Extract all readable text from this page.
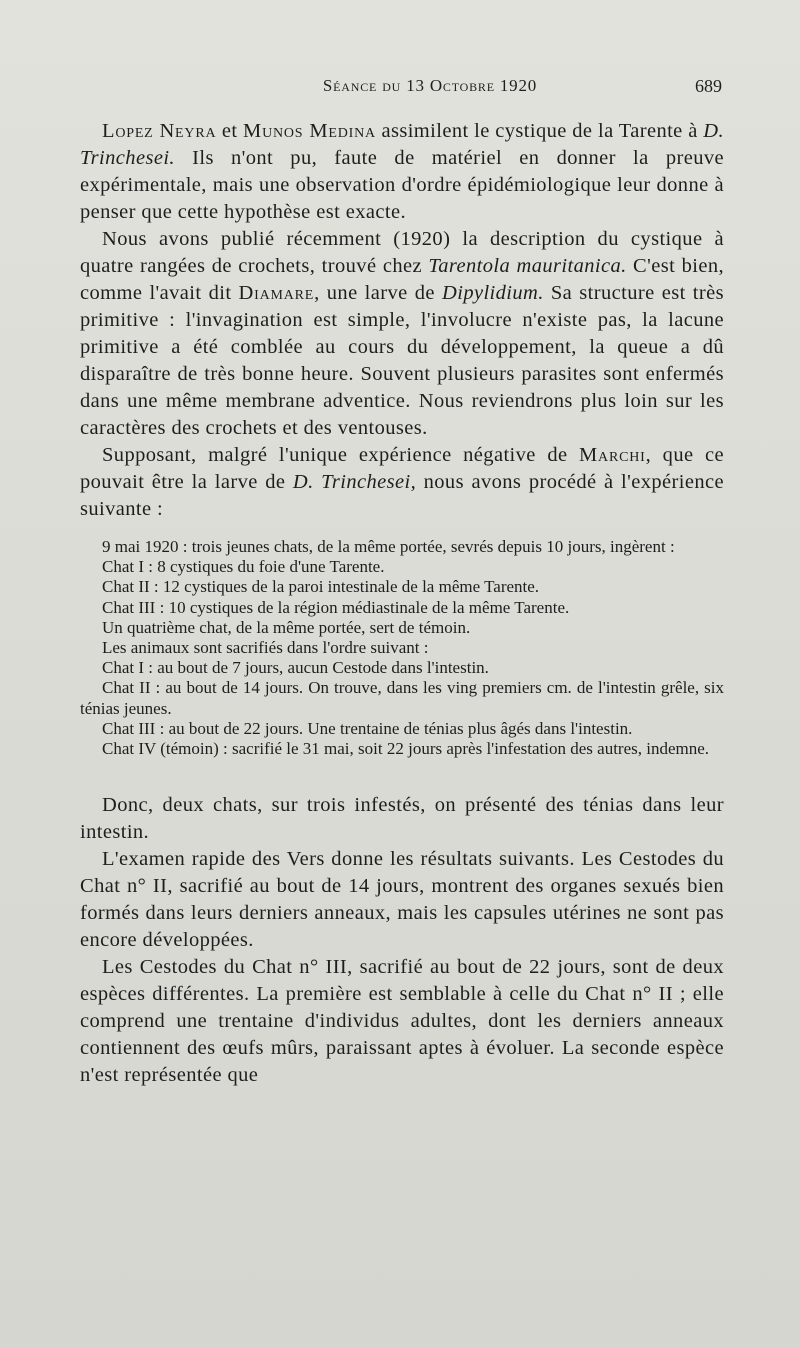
Séance du 13 Octobre 1920	689

Lopez Neyra et Munos Medina assimilent le cystique de la Tarente à D. Trinchesei. Ils n'ont pu, faute de matériel en donner la preuve expérimentale, mais une observation d'ordre épidémiologique leur donne à penser que cette hypothèse est exacte.

Nous avons publié récemment (1920) la description du cystique à quatre rangées de crochets, trouvé chez Tarentola mauritanica. C'est bien, comme l'avait dit Diamare, une larve de Dipylidium. Sa structure est très primitive : l'invagination est simple, l'involucre n'existe pas, la lacune primitive a été comblée au cours du développement, la queue a dû disparaître de très bonne heure. Souvent plusieurs parasites sont enfermés dans une même membrane adventice. Nous reviendrons plus loin sur les caractères des crochets et des ventouses.

Supposant, malgré l'unique expérience négative de Marchi, que ce pouvait être la larve de D. Trinchesei, nous avons procédé à l'expérience suivante :

9 mai 1920 : trois jeunes chats, de la même portée, sevrés depuis 10 jours, ingèrent :

Chat I : 8 cystiques du foie d'une Tarente.

Chat II : 12 cystiques de la paroi intestinale de la même Tarente.

Chat III : 10 cystiques de la région médiastinale de la même Tarente.

Un quatrième chat, de la même portée, sert de témoin.

Les animaux sont sacrifiés dans l'ordre suivant :

Chat I : au bout de 7 jours, aucun Cestode dans l'intestin.

Chat II : au bout de 14 jours. On trouve, dans les ving premiers cm. de l'intestin grêle, six ténias jeunes.

Chat III : au bout de 22 jours. Une trentaine de ténias plus âgés dans l'intestin.

Chat IV (témoin) : sacrifié le 31 mai, soit 22 jours après l'infestation des autres, indemne.

Donc, deux chats, sur trois infestés, on présenté des ténias dans leur intestin.

L'examen rapide des Vers donne les résultats suivants. Les Cestodes du Chat n° II, sacrifié au bout de 14 jours, montrent des organes sexués bien formés dans leurs derniers anneaux, mais les capsules utérines ne sont pas encore développées.

Les Cestodes du Chat n° III, sacrifié au bout de 22 jours, sont de deux espèces différentes. La première est semblable à celle du Chat n° II ; elle comprend une trentaine d'individus adultes, dont les derniers anneaux contiennent des œufs mûrs, paraissant aptes à évoluer. La seconde espèce n'est représentée que
